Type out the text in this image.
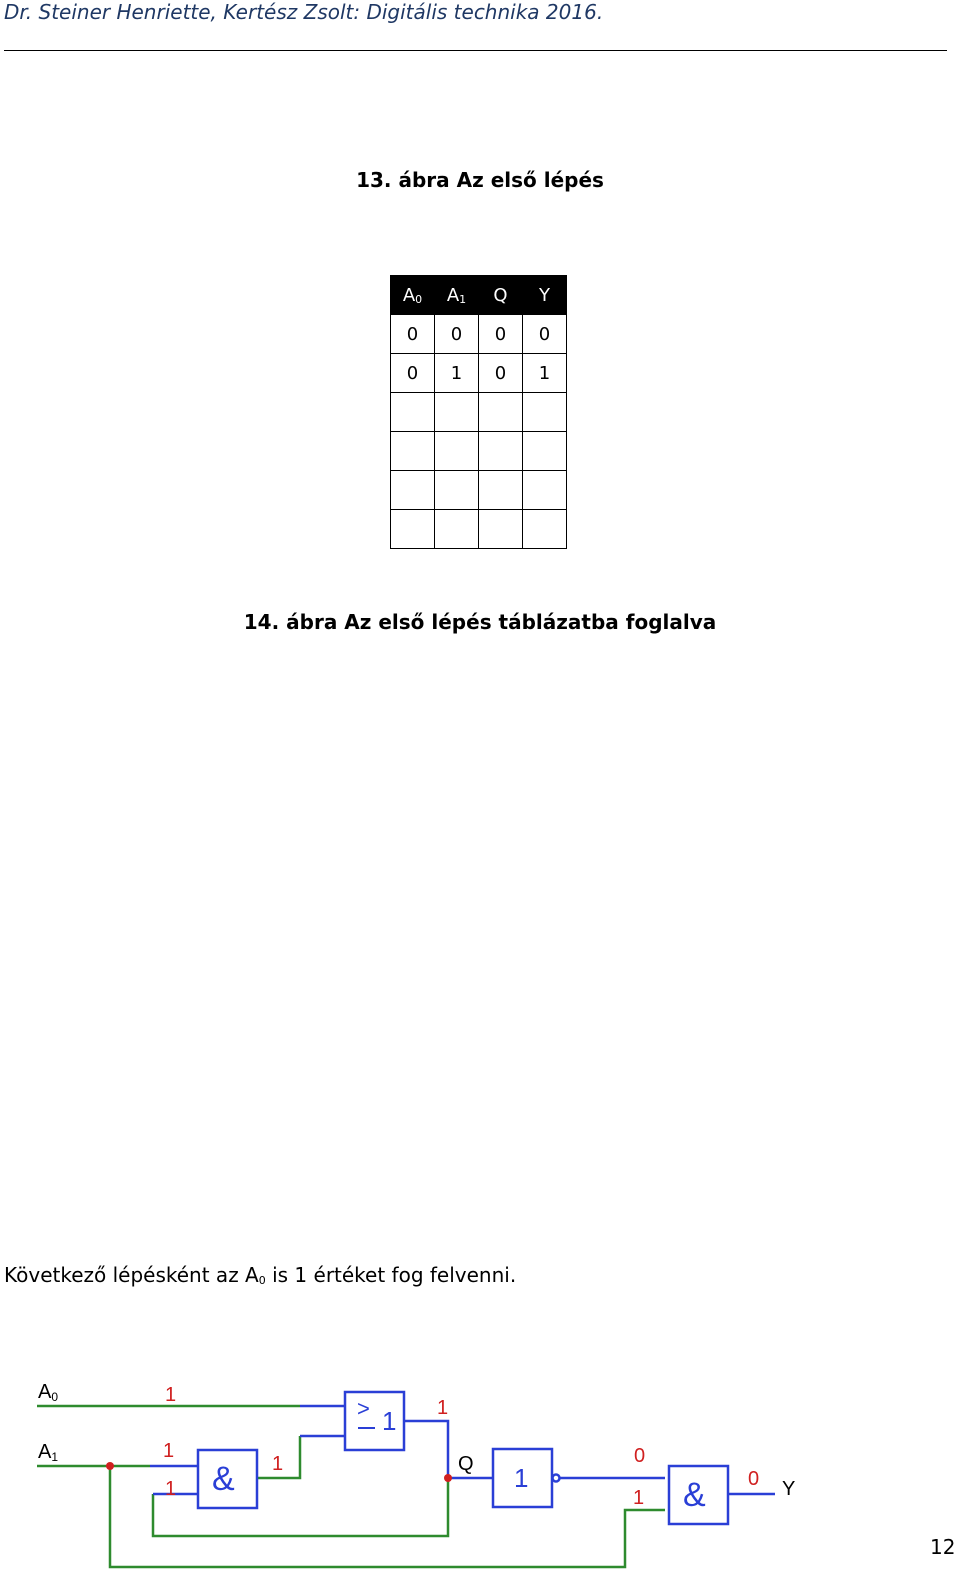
Dr. Steiner Henriette, Kertész Zsolt: Digitális technika 2016.
13. ábra Az első lépés
$A_0$	$A_1$	Q	Y
0	0	0	0
0	1	0	1

14. ábra Az első lépés táblázatba foglalva
Következő lépésként az $A_0$ is 1 értéket fog felvenni.
A0
A1	Q
Y
> 1
&	1	&
1
1
1
1
1
0
1
0
12
